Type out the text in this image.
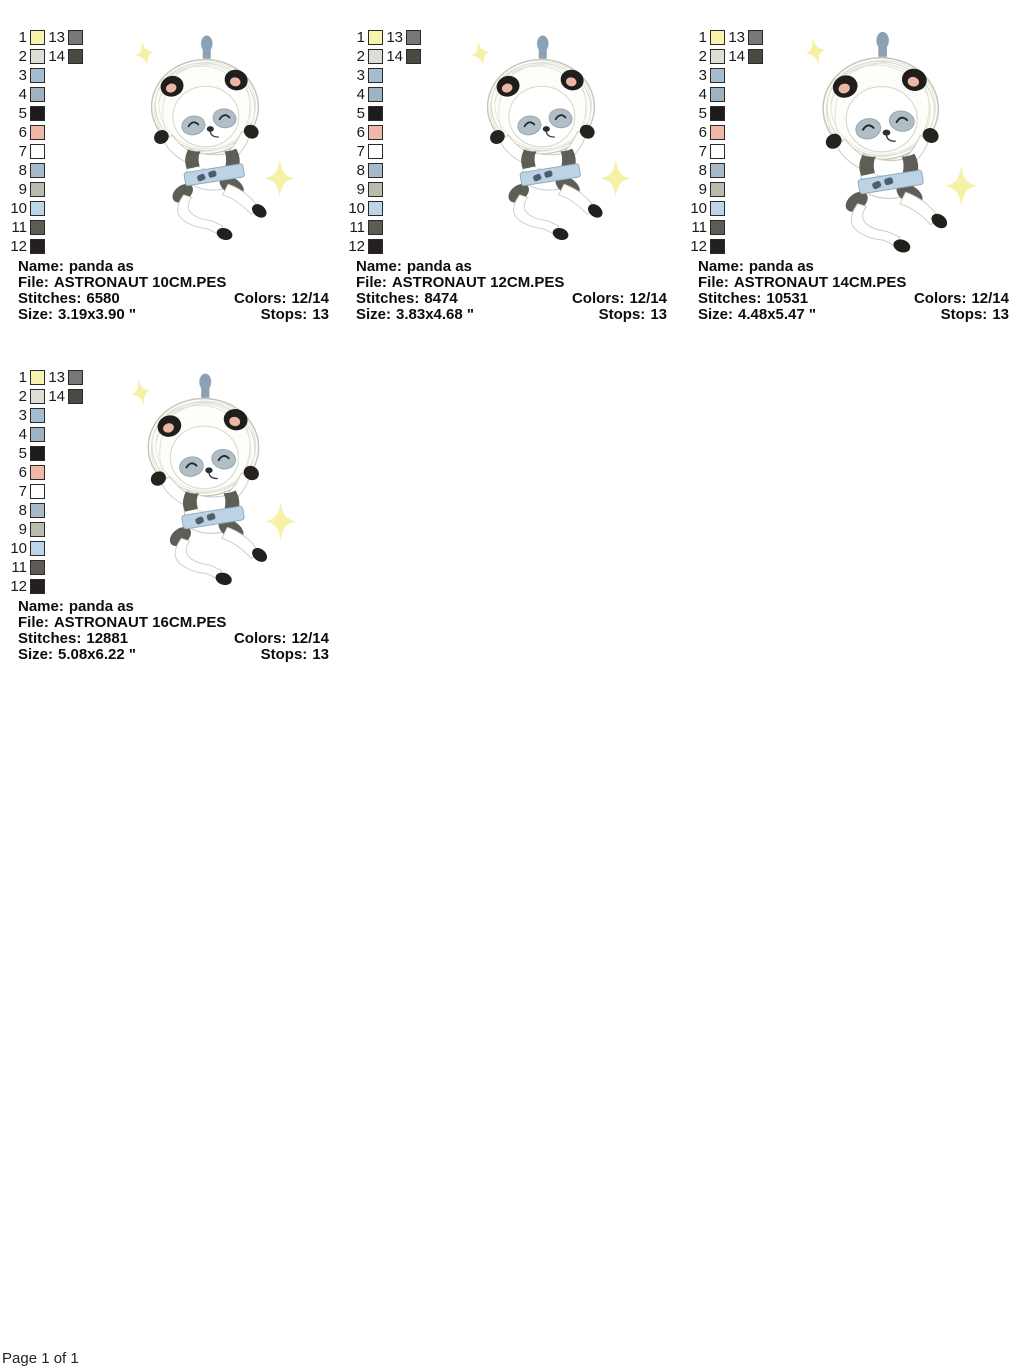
1 13
2 14
3
4
5
6
7
8
9
10
11
12
Name: panda as
File: ASTRONAUT 10CM.PES
Stitches: 6580	Colors: 12/14
Size: 3.19x3.90 "	Stops: 13
1 13
2 14
3
4
5
6
7
8
9
10
11
12
Name: panda as
File: ASTRONAUT 12CM.PES
Stitches: 8474	Colors: 12/14
Size: 3.83x4.68 "	Stops: 13
1 13
2 14
3
4
5
6
7
8
9
10
11
12
Name: panda as
File: ASTRONAUT 14CM.PES
Stitches: 10531	Colors: 12/14
Size: 4.48x5.47 "	Stops: 13
1 13
2 14
3
4
5
6
7
8
9
10
11
12
Name: panda as
File: ASTRONAUT 16CM.PES
Stitches: 12881	Colors: 12/14
Size: 5.08x6.22 "	Stops: 13
Page 1 of 1
